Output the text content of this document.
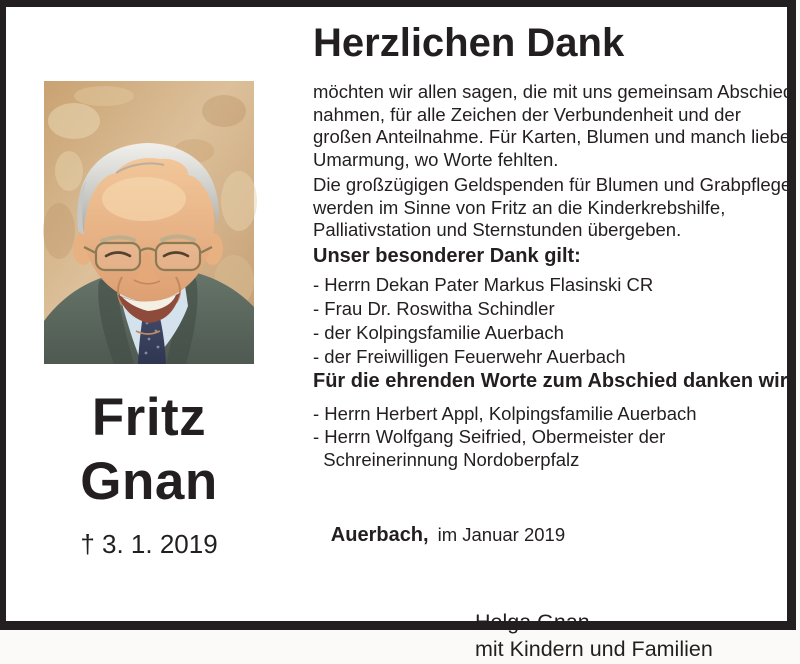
Fritz
Gnan
† 3. 1. 2019
Herzlichen Dank
möchten wir allen sagen, die mit uns gemeinsam Abschied
nahmen, für alle Zeichen der Verbundenheit und der
großen Anteilnahme. Für Karten, Blumen und manch liebe
Umarmung, wo Worte fehlten.
Die großzügigen Geldspenden für Blumen und Grabpflege
werden im Sinne von Fritz an die Kinderkrebshilfe,
Palliativstation und Sternstunden übergeben.
Unser besonderer Dank gilt:
- Herrn Dekan Pater Markus Flasinski CR
- Frau Dr. Roswitha Schindler
- der Kolpingsfamilie Auerbach
- der Freiwilligen Feuerwehr Auerbach
Für die ehrenden Worte zum Abschied danken wir:
- Herrn Herbert Appl, Kolpingsfamilie Auerbach
- Herrn Wolfgang Seifried, Obermeister der
Schreinerinnung Nordoberpfalz

Auerbach, im Januar 2019

Helga Gnan
mit Kindern und Familien
